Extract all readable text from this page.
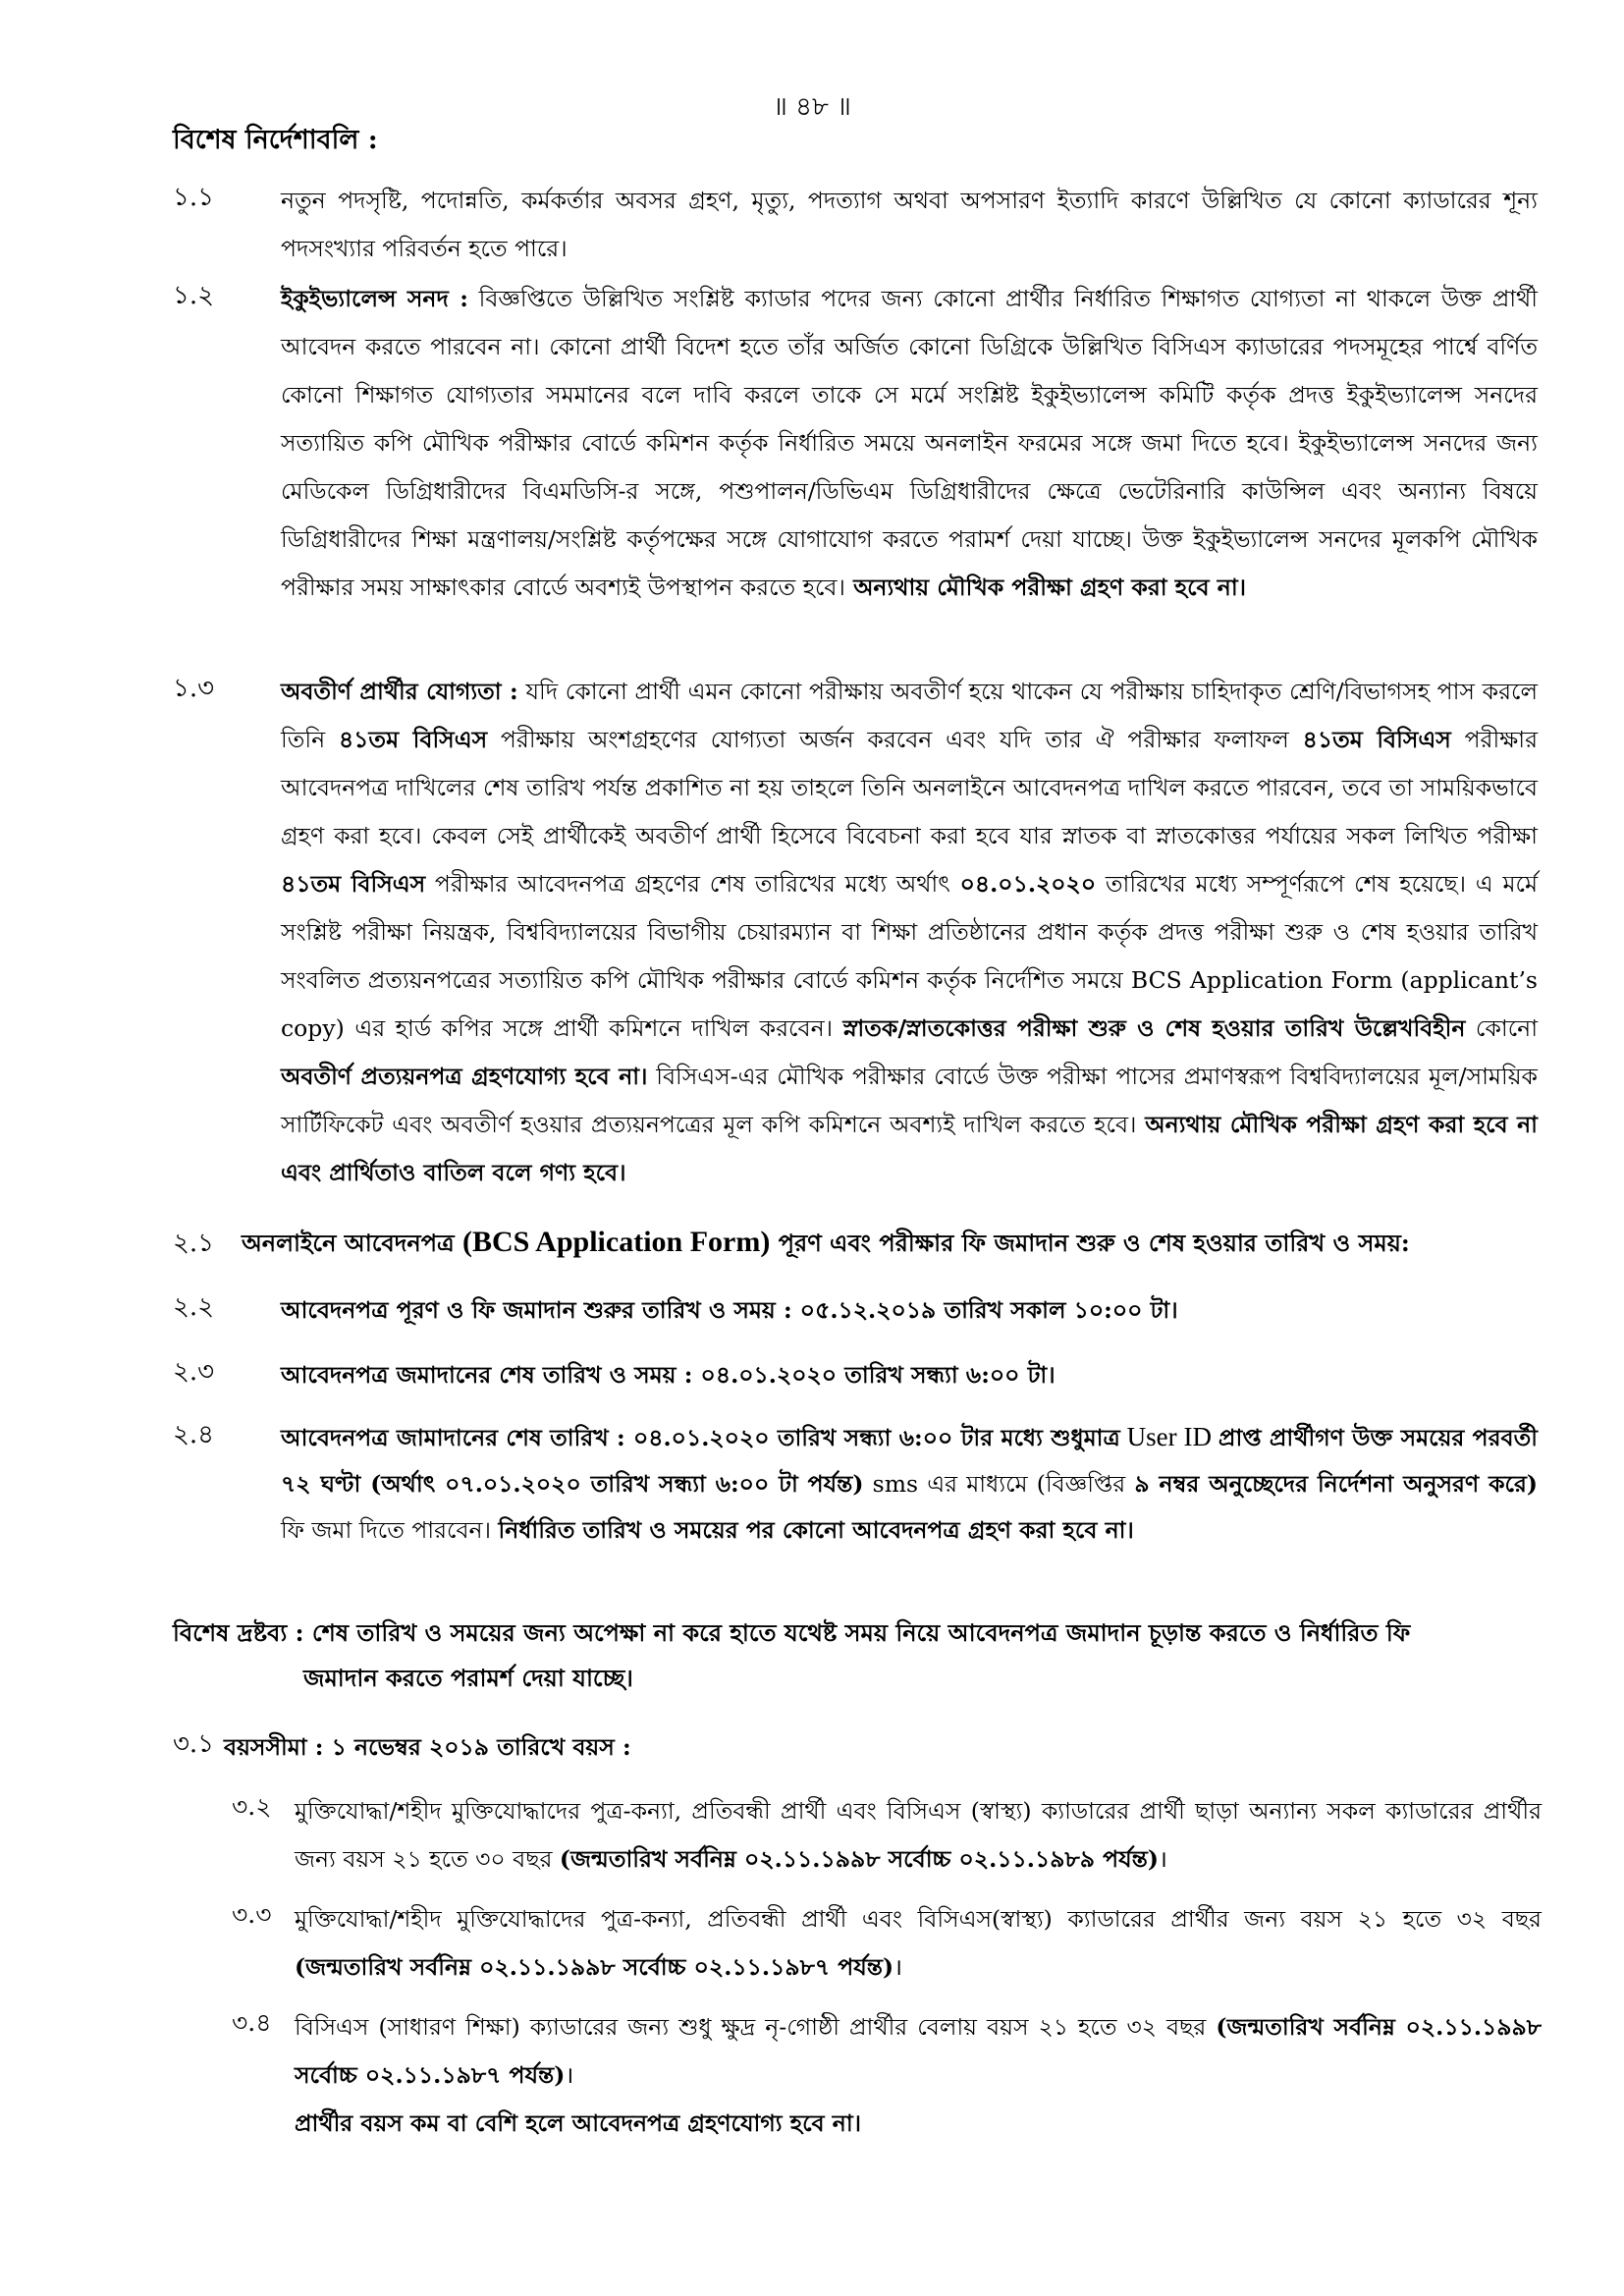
॥ ৪৮ ॥
বিশেষ নির্দেশাবলি :
১.১	নতুন পদসৃষ্টি, পদোন্নতি, কর্মকর্তার অবসর গ্রহণ, মৃত্যু, পদত্যাগ অথবা অপসারণ ইত্যাদি কারণে উল্লিখিত যে কোনো ক্যাডারের শূন্য পদসংখ্যার পরিবর্তন হতে পারে।
১.২	ইকুইভ্যালেন্স সনদ : বিজ্ঞপ্তিতে উল্লিখিত সংশ্লিষ্ট ক্যাডার পদের জন্য কোনো প্রার্থীর নির্ধারিত শিক্ষাগত যোগ্যতা না থাকলে উক্ত প্রার্থী আবেদন করতে পারবেন না। কোনো প্রার্থী বিদেশ হতে তাঁর অর্জিত কোনো ডিগ্রিকে উল্লিখিত বিসিএস ক্যাডারের পদসমূহের পার্শ্বে বর্ণিত কোনো শিক্ষাগত যোগ্যতার সমমানের বলে দাবি করলে তাকে সে মর্মে সংশ্লিষ্ট ইকুইভ্যালেন্স কমিটি কর্তৃক প্রদত্ত ইকুইভ্যালেন্স সনদের সত্যায়িত কপি মৌখিক পরীক্ষার বোর্ডে কমিশন কর্তৃক নির্ধারিত সময়ে অনলাইন ফরমের সঙ্গে জমা দিতে হবে। ইকুইভ্যালেন্স সনদের জন্য মেডিকেল ডিগ্রিধারীদের বিএমডিসি-র সঙ্গে, পশুপালন/ডিভিএম ডিগ্রিধারীদের ক্ষেত্রে ভেটেরিনারি কাউন্সিল এবং অন্যান্য বিষয়ে ডিগ্রিধারীদের শিক্ষা মন্ত্রণালয়/সংশ্লিষ্ট কর্তৃপক্ষের সঙ্গে যোগাযোগ করতে পরামর্শ দেয়া যাচ্ছে। উক্ত ইকুইভ্যালেন্স সনদের মূলকপি মৌখিক পরীক্ষার সময় সাক্ষাৎকার বোর্ডে অবশ্যই উপস্থাপন করতে হবে। অন্যথায় মৌখিক পরীক্ষা গ্রহণ করা হবে না।
১.৩	অবতীর্ণ প্রার্থীর যোগ্যতা : যদি কোনো প্রার্থী এমন কোনো পরীক্ষায় অবতীর্ণ হয়ে থাকেন যে পরীক্ষায় চাহিদাকৃত শ্রেণি/বিভাগসহ পাস করলে তিনি ৪১তম বিসিএস পরীক্ষায় অংশগ্রহণের যোগ্যতা অর্জন করবেন এবং যদি তার ঐ পরীক্ষার ফলাফল ৪১তম বিসিএস পরীক্ষার আবেদনপত্র দাখিলের শেষ তারিখ পর্যন্ত প্রকাশিত না হয় তাহলে তিনি অনলাইনে আবেদনপত্র দাখিল করতে পারবেন, তবে তা সাময়িকভাবে গ্রহণ করা হবে। কেবল সেই প্রার্থীকেই অবতীর্ণ প্রার্থী হিসেবে বিবেচনা করা হবে যার স্নাতক বা স্নাতকোত্তর পর্যায়ের সকল লিখিত পরীক্ষা ৪১তম বিসিএস পরীক্ষার আবেদনপত্র গ্রহণের শেষ তারিখের মধ্যে অর্থাৎ ০৪.০১.২০২০ তারিখের মধ্যে সম্পূর্ণরূপে শেষ হয়েছে। এ মর্মে সংশ্লিষ্ট পরীক্ষা নিয়ন্ত্রক, বিশ্ববিদ্যালয়ের বিভাগীয় চেয়ারম্যান বা শিক্ষা প্রতিষ্ঠানের প্রধান কর্তৃক প্রদত্ত পরীক্ষা শুরু ও শেষ হওয়ার তারিখ সংবলিত প্রত্যয়নপত্রের সত্যায়িত কপি মৌখিক পরীক্ষার বোর্ডে কমিশন কর্তৃক নির্দেশিত সময়ে BCS Application Form (applicant’s copy) এর হার্ড কপির সঙ্গে প্রার্থী কমিশনে দাখিল করবেন। স্নাতক/স্নাতকোত্তর পরীক্ষা শুরু ও শেষ হওয়ার তারিখ উল্লেখবিহীন কোনো অবতীর্ণ প্রত্যয়নপত্র গ্রহণযোগ্য হবে না। বিসিএস-এর মৌখিক পরীক্ষার বোর্ডে উক্ত পরীক্ষা পাসের প্রমাণস্বরূপ বিশ্ববিদ্যালয়ের মূল/সাময়িক সার্টিফিকেট এবং অবতীর্ণ হওয়ার প্রত্যয়নপত্রের মূল কপি কমিশনে অবশ্যই দাখিল করতে হবে। অন্যথায় মৌখিক পরীক্ষা গ্রহণ করা হবে না এবং প্রার্থিতাও বাতিল বলে গণ্য হবে।
২.১ অনলাইনে আবেদনপত্র (BCS Application Form) পূরণ এবং পরীক্ষার ফি জমাদান শুরু ও শেষ হওয়ার তারিখ ও সময়:
২.২	আবেদনপত্র পূরণ ও ফি জমাদান শুরুর তারিখ ও সময় : ০৫.১২.২০১৯ তারিখ সকাল ১০:০০ টা।
২.৩	আবেদনপত্র জমাদানের শেষ তারিখ ও সময় : ০৪.০১.২০২০ তারিখ সন্ধ্যা ৬:০০ টা।
২.৪	আবেদনপত্র জামাদানের শেষ তারিখ : ০৪.০১.২০২০ তারিখ সন্ধ্যা ৬:০০ টার মধ্যে শুধুমাত্র User ID প্রাপ্ত প্রার্থীগণ উক্ত সময়ের পরবর্তী ৭২ ঘণ্টা (অর্থাৎ ০৭.০১.২০২০ তারিখ সন্ধ্যা ৬:০০ টা পর্যন্ত) sms এর মাধ্যমে (বিজ্ঞপ্তির ৯ নম্বর অনুচ্ছেদের নির্দেশনা অনুসরণ করে) ফি জমা দিতে পারবেন। নির্ধারিত তারিখ ও সময়ের পর কোনো আবেদনপত্র গ্রহণ করা হবে না।
বিশেষ দ্রষ্টব্য : শেষ তারিখ ও সময়ের জন্য অপেক্ষা না করে হাতে যথেষ্ট সময় নিয়ে আবেদনপত্র জমাদান চূড়ান্ত করতে ও নির্ধারিত ফি
জমাদান করতে পরামর্শ দেয়া যাচ্ছে।
৩.১ বয়সসীমা : ১ নভেম্বর ২০১৯ তারিখে বয়স :
৩.২ মুক্তিযোদ্ধা/শহীদ মুক্তিযোদ্ধাদের পুত্র-কন্যা, প্রতিবন্ধী প্রার্থী এবং বিসিএস (স্বাস্থ্য) ক্যাডারের প্রার্থী ছাড়া অন্যান্য সকল ক্যাডারের প্রার্থীর জন্য বয়স ২১ হতে ৩০ বছর (জন্মতারিখ সর্বনিম্ন ০২.১১.১৯৯৮ সর্বোচ্চ ০২.১১.১৯৮৯ পর্যন্ত)।
৩.৩ মুক্তিযোদ্ধা/শহীদ মুক্তিযোদ্ধাদের পুত্র-কন্যা, প্রতিবন্ধী প্রার্থী এবং বিসিএস(স্বাস্থ্য) ক্যাডারের প্রার্থীর জন্য বয়স ২১ হতে ৩২ বছর (জন্মতারিখ সর্বনিম্ন ০২.১১.১৯৯৮ সর্বোচ্চ ০২.১১.১৯৮৭ পর্যন্ত)।
৩.৪ বিসিএস (সাধারণ শিক্ষা) ক্যাডারের জন্য শুধু ক্ষুদ্র নৃ-গোষ্ঠী প্রার্থীর বেলায় বয়স ২১ হতে ৩২ বছর (জন্মতারিখ সর্বনিম্ন ০২.১১.১৯৯৮ সর্বোচ্চ ০২.১১.১৯৮৭ পর্যন্ত)।
প্রার্থীর বয়স কম বা বেশি হলে আবেদনপত্র গ্রহণযোগ্য হবে না।
